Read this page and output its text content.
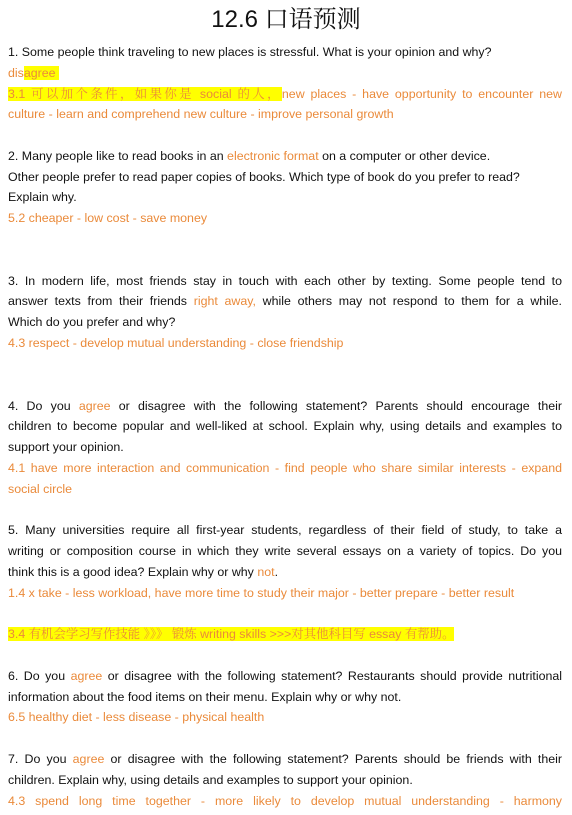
12.6 口语预测
1. Some people think traveling to new places is stressful. What is your opinion and why?
disagree
3.1 可以加个条件，如果你是 social 的人，new places - have opportunity to encounter new
culture - learn and comprehend new culture - improve personal growth
2. Many people like to read books in an electronic format on a computer or other device.
Other people prefer to read paper copies of books. Which type of book do you prefer to read?
Explain why.
5.2 cheaper - low cost - save money
3. In modern life, most friends stay in touch with each other by texting. Some people tend to
answer texts from their friends right away, while others may not respond to them for a while.
Which do you prefer and why?
4.3 respect - develop mutual understanding - close friendship
4. Do you agree or disagree with the following statement? Parents should encourage their
children to become popular and well-liked at school. Explain why, using details and examples to
support your opinion.
4.1 have more interaction and communication - find people who share similar interests - expand
social circle
5. Many universities require all first-year students, regardless of their field of study, to take a
writing or composition course in which they write several essays on a variety of topics. Do you
think this is a good idea? Explain why or why not.
1.4 x take - less workload, have more time to study their major - better prepare - better result
3.4 有机会学习写作技能 》》》 锻炼 writing skills >>>对其他科目写 essay 有帮助。
6. Do you agree or disagree with the following statement? Restaurants should provide nutritional
information about the food items on their menu. Explain why or why not.
6.5 healthy diet - less disease - physical health
7. Do you agree or disagree with the following statement? Parents should be friends with their
children. Explain why, using details and examples to support your opinion.
4.3 spend long time together - more likely to develop mutual understanding - harmony
